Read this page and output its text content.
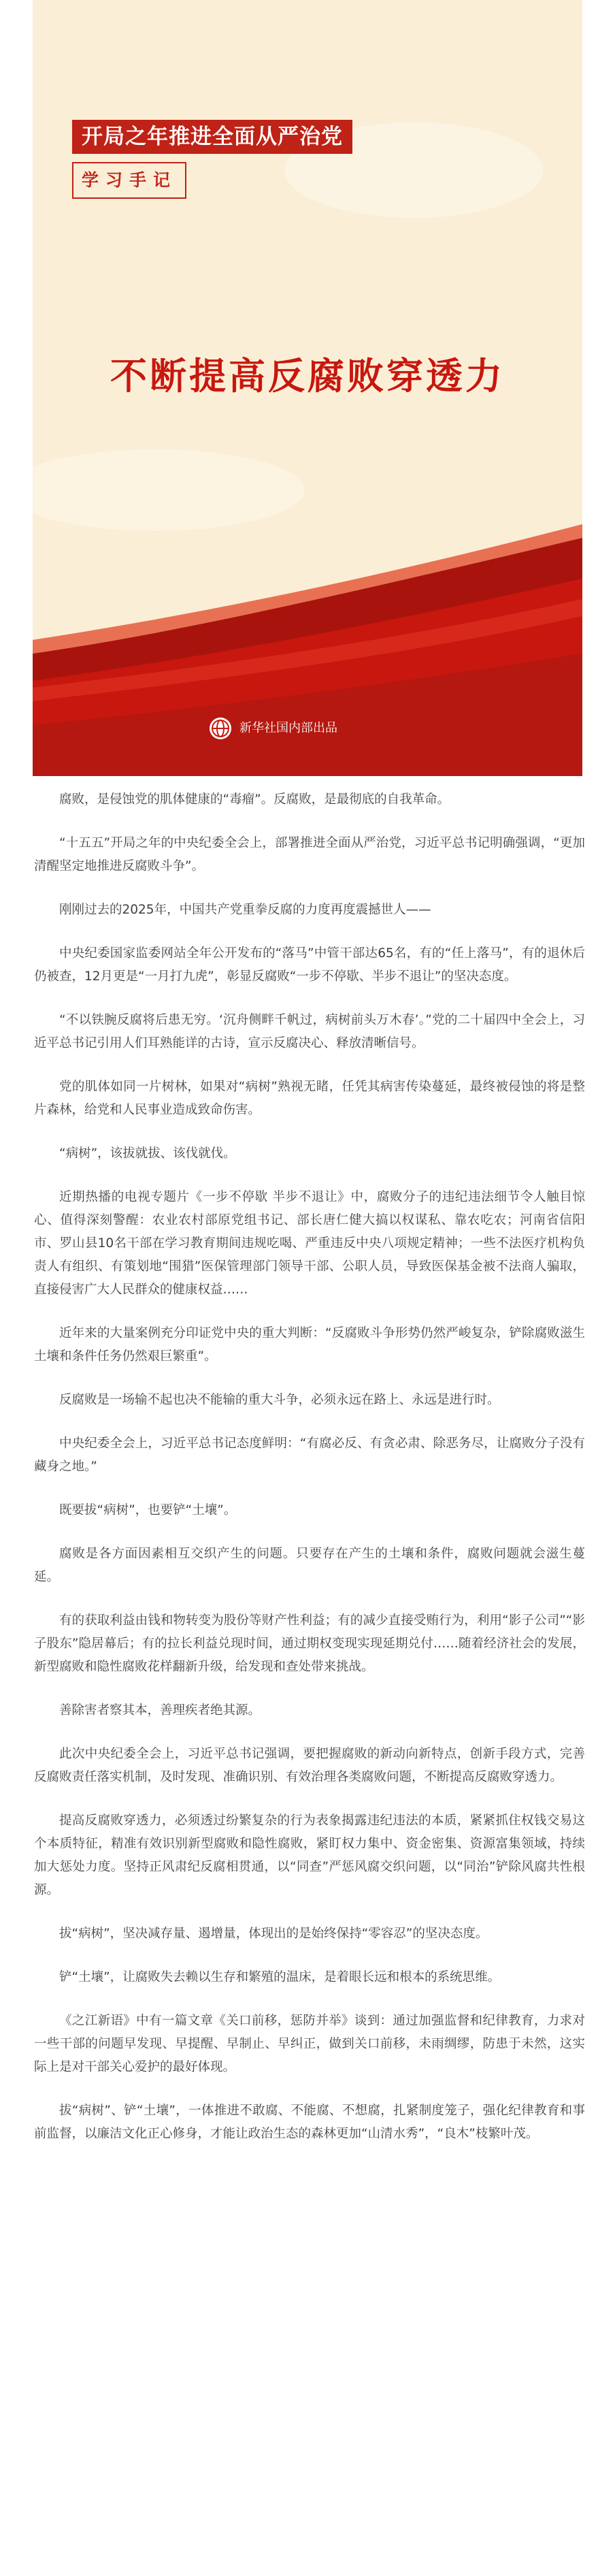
开局之年推进全面从严治党
学习手记
不断提高反腐败穿透力
新华社国内部出品

腐败，是侵蚀党的肌体健康的“毒瘤”。反腐败，是最彻底的自我革命。

“十五五”开局之年的中央纪委全会上，部署推进全面从严治党，习近平总书记明确强调，“更加清醒坚定地推进反腐败斗争”。

刚刚过去的2025年，中国共产党重拳反腐的力度再度震撼世人——

中央纪委国家监委网站全年公开发布的“落马”中管干部达65名，有的“任上落马”，有的退休后仍被查，12月更是“一月打九虎”，彰显反腐败“一步不停歇、半步不退让”的坚决态度。

“不以铁腕反腐将后患无穷。‘沉舟侧畔千帆过，病树前头万木春’。”党的二十届四中全会上，习近平总书记引用人们耳熟能详的古诗，宣示反腐决心、释放清晰信号。

党的肌体如同一片树林，如果对“病树”熟视无睹，任凭其病害传染蔓延，最终被侵蚀的将是整片森林，给党和人民事业造成致命伤害。

“病树”，该拔就拔、该伐就伐。

近期热播的电视专题片《一步不停歇 半步不退让》中，腐败分子的违纪违法细节令人触目惊心、值得深刻警醒：农业农村部原党组书记、部长唐仁健大搞以权谋私、靠农吃农；河南省信阳市、罗山县10名干部在学习教育期间违规吃喝、严重违反中央八项规定精神；一些不法医疗机构负责人有组织、有策划地“围猎”医保管理部门领导干部、公职人员，导致医保基金被不法商人骗取，直接侵害广大人民群众的健康权益……

近年来的大量案例充分印证党中央的重大判断：“反腐败斗争形势仍然严峻复杂，铲除腐败滋生土壤和条件任务仍然艰巨繁重”。

反腐败是一场输不起也决不能输的重大斗争，必须永远在路上、永远是进行时。

中央纪委全会上，习近平总书记态度鲜明：“有腐必反、有贪必肃、除恶务尽，让腐败分子没有藏身之地。”

既要拔“病树”，也要铲“土壤”。

腐败是各方面因素相互交织产生的问题。只要存在产生的土壤和条件，腐败问题就会滋生蔓延。

有的获取利益由钱和物转变为股份等财产性利益；有的减少直接受贿行为，利用“影子公司”“影子股东”隐居幕后；有的拉长利益兑现时间，通过期权变现实现延期兑付……随着经济社会的发展，新型腐败和隐性腐败花样翻新升级，给发现和查处带来挑战。

善除害者察其本，善理疾者绝其源。

此次中央纪委全会上，习近平总书记强调，要把握腐败的新动向新特点，创新手段方式，完善反腐败责任落实机制，及时发现、准确识别、有效治理各类腐败问题，不断提高反腐败穿透力。

提高反腐败穿透力，必须透过纷繁复杂的行为表象揭露违纪违法的本质，紧紧抓住权钱交易这个本质特征，精准有效识别新型腐败和隐性腐败，紧盯权力集中、资金密集、资源富集领域，持续加大惩处力度。坚持正风肃纪反腐相贯通，以“同查”严惩风腐交织问题，以“同治”铲除风腐共性根源。

拔“病树”，坚决减存量、遏增量，体现出的是始终保持“零容忍”的坚决态度。

铲“土壤”，让腐败失去赖以生存和繁殖的温床，是着眼长远和根本的系统思维。

《之江新语》中有一篇文章《关口前移，惩防并举》谈到：通过加强监督和纪律教育，力求对一些干部的问题早发现、早提醒、早制止、早纠正，做到关口前移，未雨绸缪，防患于未然，这实际上是对干部关心爱护的最好体现。

拔“病树”、铲“土壤”，一体推进不敢腐、不能腐、不想腐，扎紧制度笼子，强化纪律教育和事前监督，以廉洁文化正心修身，才能让政治生态的森林更加“山清水秀”，“良木”枝繁叶茂。
